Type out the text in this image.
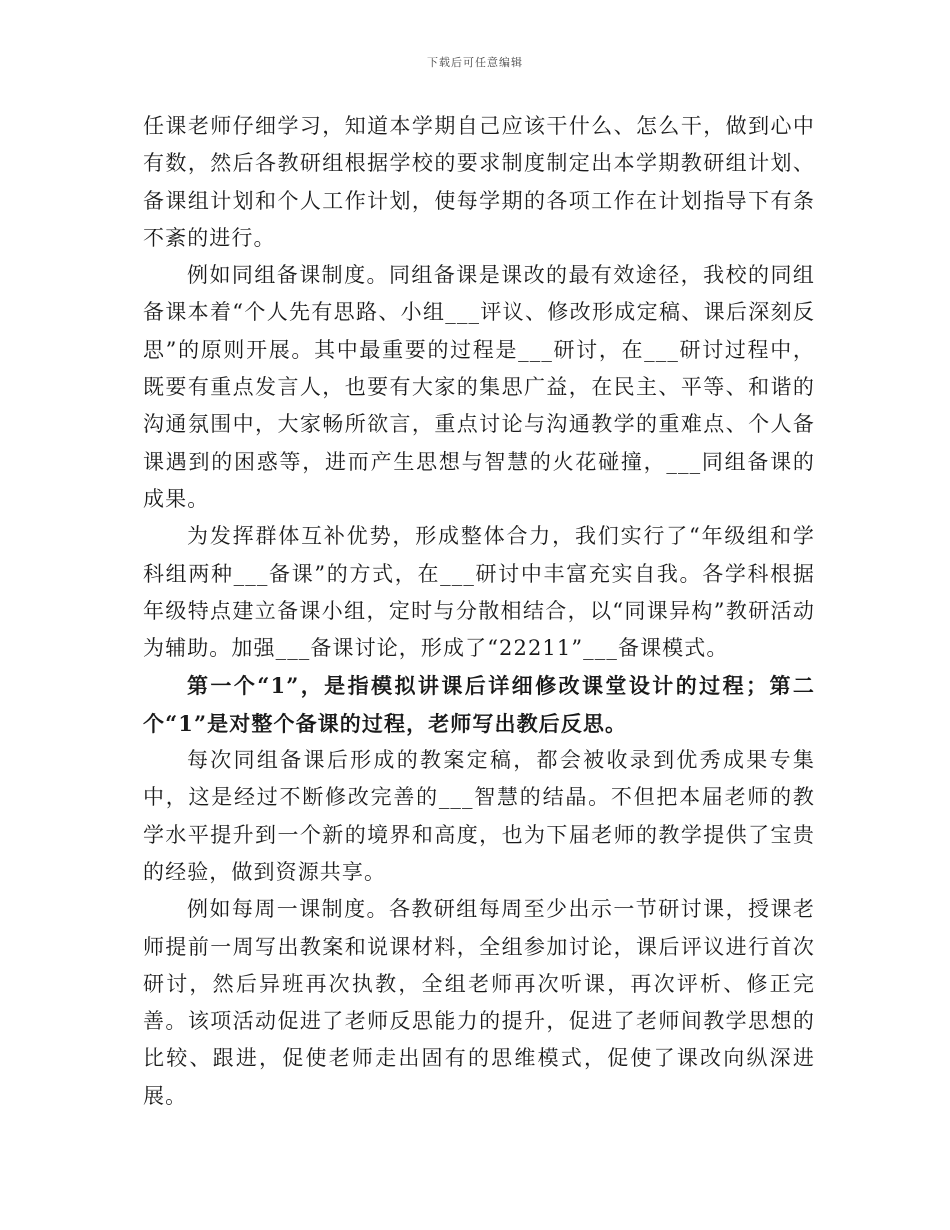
下载后可任意编辑

任课老师仔细学习，知道本学期自己应该干什么、怎么干，做到心中有数，然后各教研组根据学校的要求制度制定出本学期教研组计划、备课组计划和个人工作计划，使每学期的各项工作在计划指导下有条不紊的进行。

例如同组备课制度。同组备课是课改的最有效途径，我校的同组备课本着“个人先有思路、小组___评议、修改形成定稿、课后深刻反思”的原则开展。其中最重要的过程是___研讨，在___研讨过程中，既要有重点发言人，也要有大家的集思广益，在民主、平等、和谐的沟通氛围中，大家畅所欲言，重点讨论与沟通教学的重难点、个人备课遇到的困惑等，进而产生思想与智慧的火花碰撞，___同组备课的成果。

为发挥群体互补优势，形成整体合力，我们实行了“年级组和学科组两种___备课”的方式，在___研讨中丰富充实自我。各学科根据年级特点建立备课小组，定时与分散相结合，以“同课异构”教研活动为辅助。加强___备课讨论，形成了“22211”___备课模式。

第一个“1”，是指模拟讲课后详细修改课堂设计的过程；第二个“1”是对整个备课的过程，老师写出教后反思。

每次同组备课后形成的教案定稿，都会被收录到优秀成果专集中，这是经过不断修改完善的___智慧的结晶。不但把本届老师的教学水平提升到一个新的境界和高度，也为下届老师的教学提供了宝贵的经验，做到资源共享。

例如每周一课制度。各教研组每周至少出示一节研讨课，授课老师提前一周写出教案和说课材料，全组参加讨论，课后评议进行首次研讨，然后异班再次执教，全组老师再次听课，再次评析、修正完善。该项活动促进了老师反思能力的提升，促进了老师间教学思想的比较、跟进，促使老师走出固有的思维模式，促使了课改向纵深进展。
